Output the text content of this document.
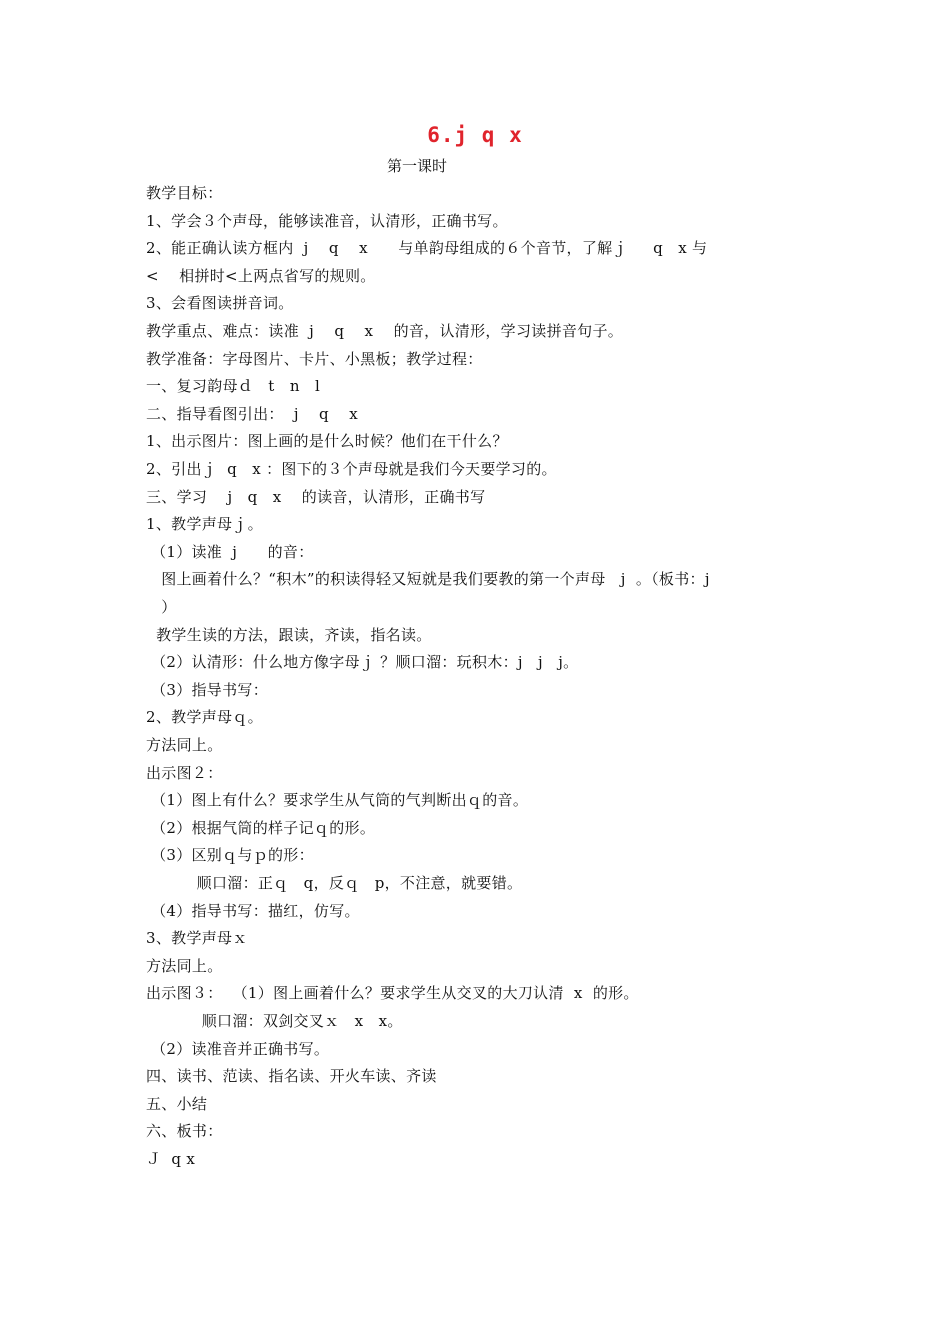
6.j q x
第一课时
教学目标：
1、学会３个声母，能够读准音，认清形，正确书写。
2、能正确认读方框内  j    q    x      与单韵母组成的６个音节，了解ｊ     q   x 与
<    相拼时<上两点省写的规则。
3、会看图读拼音词。
教学重点、难点：读准  j    q    x    的音，认清形，学习读拼音句子。
教学准备：字母图片、卡片、小黑板；教学过程：
一、复习韵母ｄ   t   n   l
二、指导看图引出：  j    q    x
1、出示图片：图上画的是什么时候？他们在干什么？
2、引出ｊ  q   x ：图下的３个声母就是我们今天要学习的。
三、学习    j   q   x    的读音，认清形，正确书写
1、教学声母ｊ。
（1）读准  j      的音：
图上画着什么？“积木”的积读得轻又短就是我们要教的第一个声母   j  。（板书：j
）
教学生读的方法，跟读，齐读，指名读。
（2）认清形：什么地方像字母ｊ ？顺口溜：玩积木：j   j   j。
（3）指导书写：
2、教学声母ｑ。
方法同上。
出示图２：
（1）图上有什么？要求学生从气筒的气判断出ｑ的音。
（2）根据气筒的样子记ｑ的形。
（3）区别ｑ与ｐ的形：
顺口溜：正ｑ   q，反ｑ   p，不注意，就要错。
（4）指导书写：描红，仿写。
3、教学声母ｘ
方法同上。
出示图３：  （1）图上画着什么？要求学生从交叉的大刀认清  x  的形。
顺口溜：双剑交叉ｘ   x   x。
（2）读准音并正确书写。
四、读书、范读、指名读、开火车读、齐读
五、小结
六、板书：
Ｊ  q x
